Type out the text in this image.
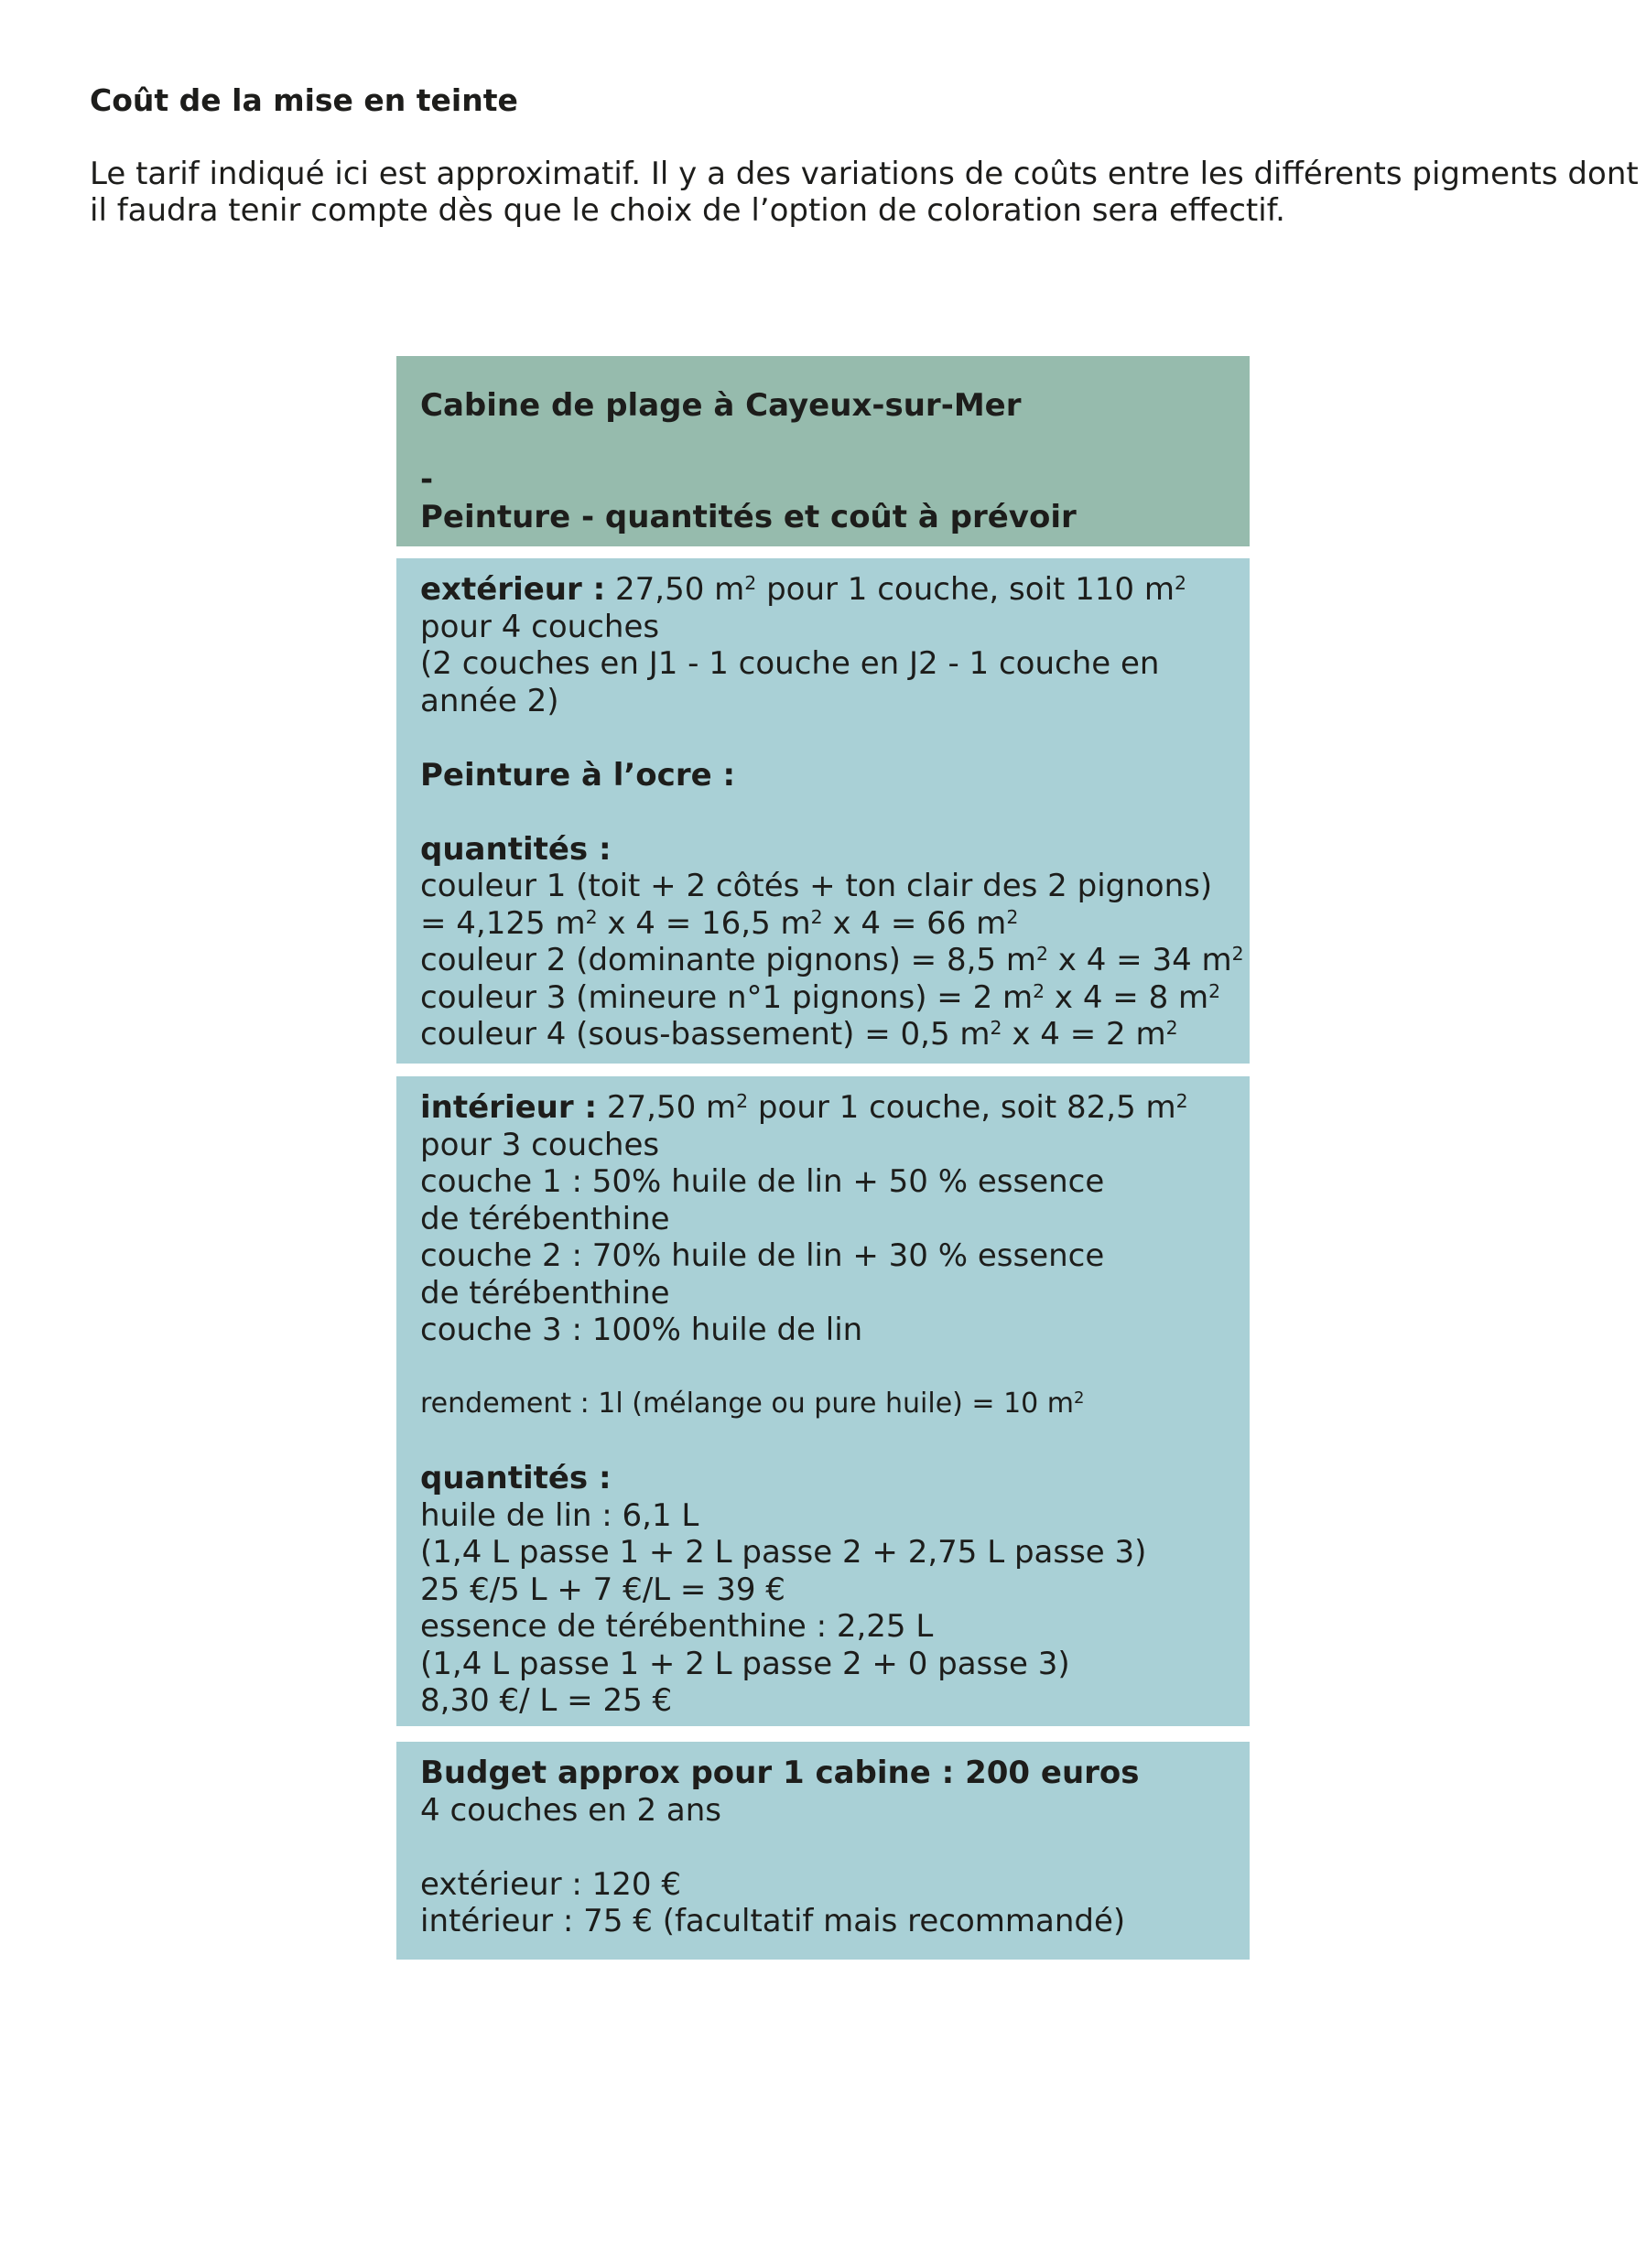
Coût de la mise en teinte

Le tarif indiqué ici est approximatif. Il y a des variations de coûts entre les différents pigments dont
il faudra tenir compte dès que le choix de l’option de coloration sera effectif.

Cabine de plage à Cayeux-sur-Mer
-
Peinture - quantités et coût à prévoir
extérieur : 27,50 $m^2$ pour 1 couche, soit 110 $m^2$
pour 4 couches
(2 couches en J1 - 1 couche en J2 - 1 couche en
année 2)
Peinture à l’ocre :
quantités :
couleur 1 (toit + 2 côtés + ton clair des 2 pignons)
= 4,125 $m^2$ x 4 = 16,5 $m^2$ x 4 = 66 $m^2$
couleur 2 (dominante pignons) = 8,5 $m^2$ x 4 = 34 $m^2$
couleur 3 (mineure n°1 pignons) = 2 $m^2$ x 4 = 8 $m^2$
couleur 4 (sous-bassement) = 0,5 $m^2$ x 4 = 2 $m^2$
intérieur : 27,50 $m^2$ pour 1 couche, soit 82,5 $m^2$
pour 3 couches
couche 1 : 50% huile de lin + 50 % essence
de térébenthine
couche 2 : 70% huile de lin + 30 % essence
de térébenthine
couche 3 : 100% huile de lin
rendement : 1l (mélange ou pure huile) = 10 $m^2$
quantités :
huile de lin : 6,1 L
(1,4 L passe 1 + 2 L passe 2 + 2,75 L passe 3)
25 €/5 L + 7 €/L = 39 €
essence de térébenthine : 2,25 L
(1,4 L passe 1 + 2 L passe 2 + 0 passe 3)
8,30 €/ L = 25 €
Budget approx pour 1 cabine : 200 euros
4 couches en 2 ans
extérieur : 120 €
intérieur : 75 € (facultatif mais recommandé)
